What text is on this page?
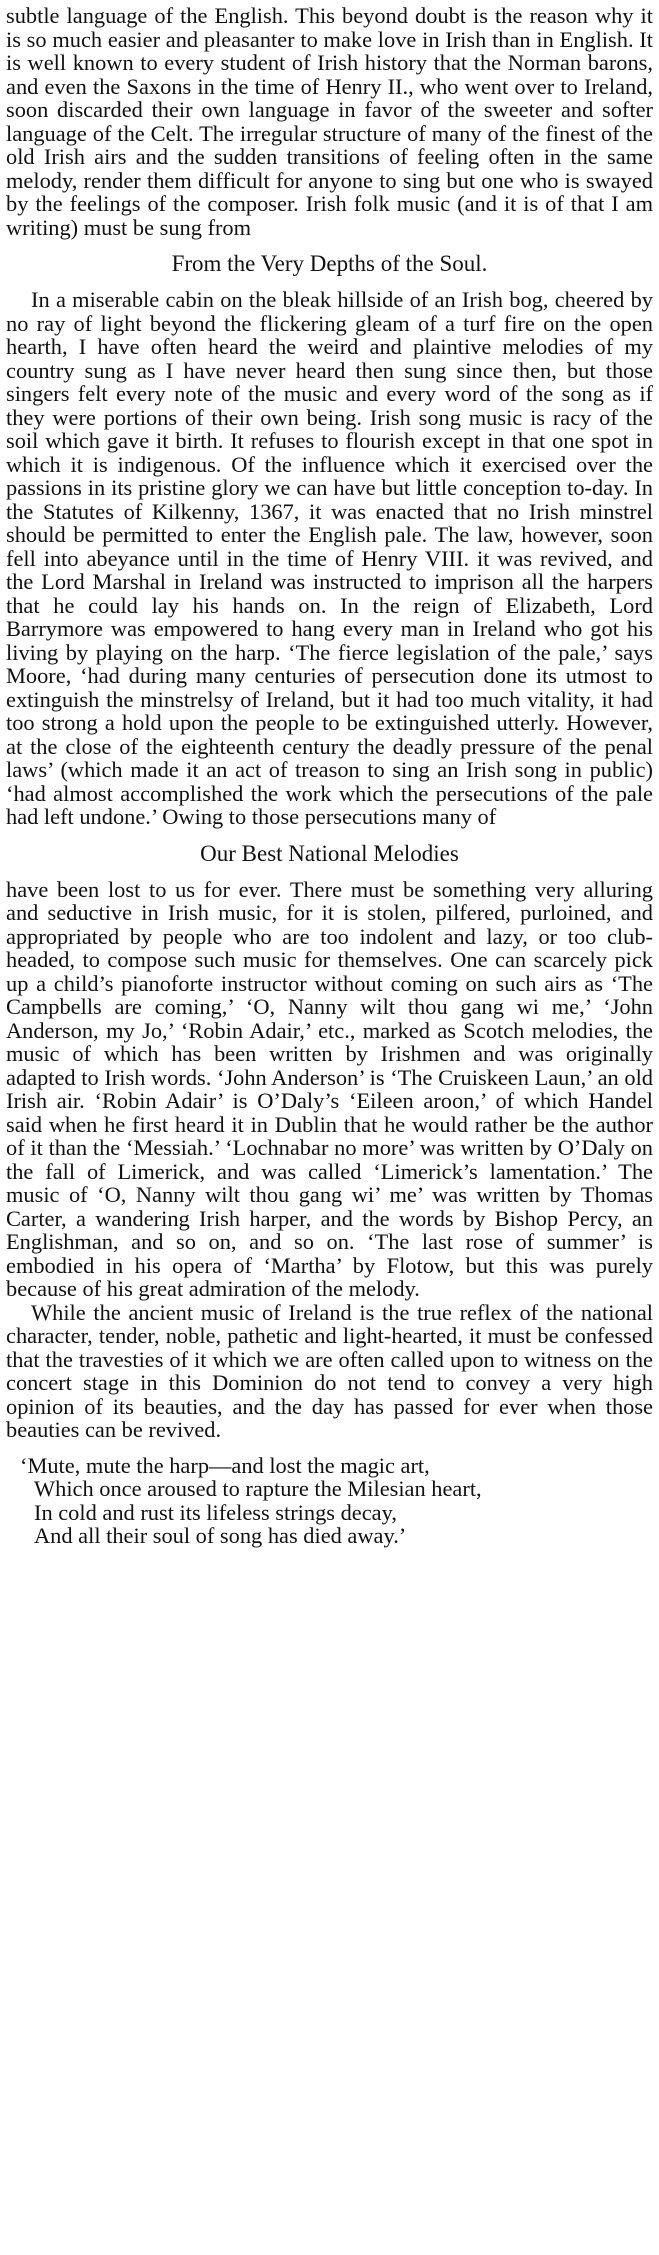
subtle language of the English. This beyond doubt is the reason why it is so much easier and pleasanter to make love in Irish than in English. It is well known to every student of Irish history that the Norman barons, and even the Saxons in the time of Henry II., who went over to Ireland, soon discarded their own language in favor of the sweeter and softer language of the Celt. The irregular structure of many of the finest of the old Irish airs and the sudden transitions of feeling often in the same melody, render them difficult for anyone to sing but one who is swayed by the feelings of the composer. Irish folk music (and it is of that I am writing) must be sung from

From the Very Depths of the Soul.

In a miserable cabin on the bleak hillside of an Irish bog, cheered by no ray of light beyond the flickering gleam of a turf fire on the open hearth, I have often heard the weird and plaintive melodies of my country sung as I have never heard then sung since then, but those singers felt every note of the music and every word of the song as if they were portions of their own being. Irish song music is racy of the soil which gave it birth. It refuses to flourish except in that one spot in which it is indigenous. Of the influence which it exercised over the passions in its pristine glory we can have but little conception to-day. In the Statutes of Kilkenny, 1367, it was enacted that no Irish minstrel should be permitted to enter the English pale. The law, however, soon fell into abeyance until in the time of Henry VIII. it was revived, and the Lord Marshal in Ireland was instructed to imprison all the harpers that he could lay his hands on. In the reign of Elizabeth, Lord Barrymore was empowered to hang every man in Ireland who got his living by playing on the harp. ‘The fierce legislation of the pale,’ says Moore, ‘had during many centuries of persecution done its utmost to extinguish the minstrelsy of Ireland, but it had too much vitality, it had too strong a hold upon the people to be extinguished utterly. However, at the close of the eighteenth century the deadly pressure of the penal laws’ (which made it an act of treason to sing an Irish song in public) ‘had almost accomplished the work which the persecutions of the pale had left undone.’ Owing to those persecutions many of

Our Best National Melodies

have been lost to us for ever. There must be something very alluring and seductive in Irish music, for it is stolen, pilfered, purloined, and appropriated by people who are too indolent and lazy, or too club-headed, to compose such music for themselves. One can scarcely pick up a child’s pianoforte instructor without coming on such airs as ‘The Campbells are coming,’ ‘O, Nanny wilt thou gang wi me,’ ‘John Anderson, my Jo,’ ‘Robin Adair,’ etc., marked as Scotch melodies, the music of which has been written by Irishmen and was originally adapted to Irish words. ‘John Anderson’ is ‘The Cruiskeen Laun,’ an old Irish air. ‘Robin Adair’ is O’Daly’s ‘Eileen aroon,’ of which Handel said when he first heard it in Dublin that he would rather be the author of it than the ‘Messiah.’ ‘Lochnabar no more’ was written by O’Daly on the fall of Limerick, and was called ‘Limerick’s lamentation.’ The music of ‘O, Nanny wilt thou gang wi’ me’ was written by Thomas Carter, a wandering Irish harper, and the words by Bishop Percy, an Englishman, and so on, and so on. ‘The last rose of summer’ is embodied in his opera of ‘Martha’ by Flotow, but this was purely because of his great admiration of the melody.

While the ancient music of Ireland is the true reflex of the national character, tender, noble, pathetic and light-hearted, it must be confessed that the travesties of it which we are often called upon to witness on the concert stage in this Dominion do not tend to convey a very high opinion of its beauties, and the day has passed for ever when those beauties can be revived.

‘Mute, mute the harp—and lost the magic art,

Which once aroused to rapture the Milesian heart,

In cold and rust its lifeless strings decay,

And all their soul of song has died away.’
